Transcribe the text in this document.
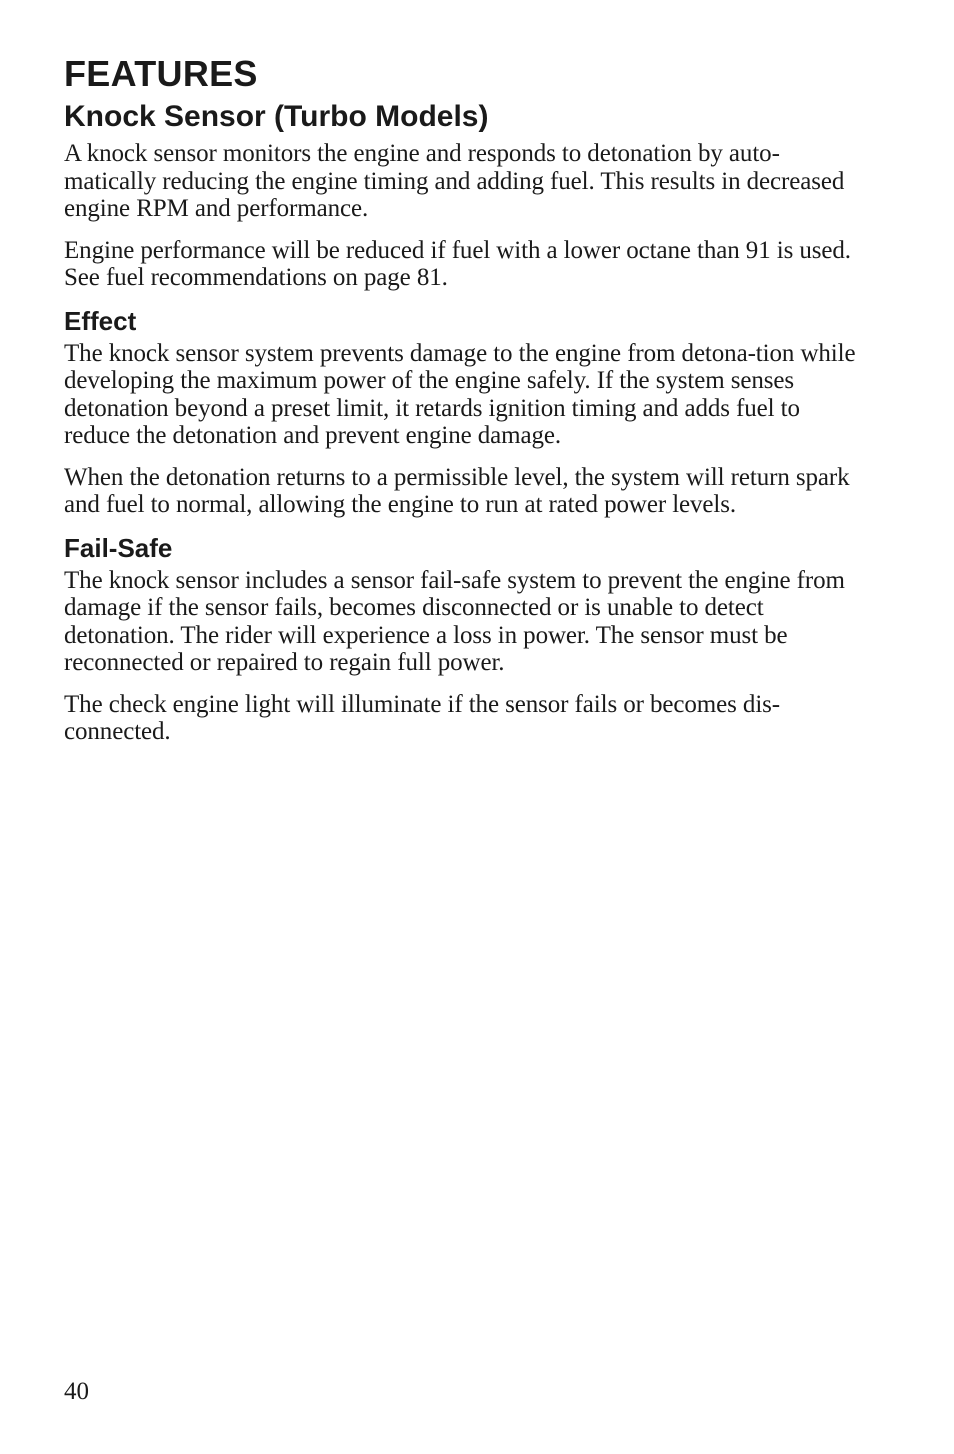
FEATURES
Knock Sensor (Turbo Models)

A knock sensor monitors the engine and responds to detonation by auto-matically reducing the engine timing and adding fuel. This results in decreased engine RPM and performance.

Engine performance will be reduced if fuel with a lower octane than 91 is used. See fuel recommendations on page 81.

Effect

The knock sensor system prevents damage to the engine from detona-tion while developing the maximum power of the engine safely. If the system senses detonation beyond a preset limit, it retards ignition timing and adds fuel to reduce the detonation and prevent engine damage.

When the detonation returns to a permissible level, the system will return spark and fuel to normal, allowing the engine to run at rated power levels.

Fail-Safe

The knock sensor includes a sensor fail-safe system to prevent the engine from damage if the sensor fails, becomes disconnected or is unable to detect detonation. The rider will experience a loss in power. The sensor must be reconnected or repaired to regain full power.

The check engine light will illuminate if the sensor fails or becomes dis-connected.

40
